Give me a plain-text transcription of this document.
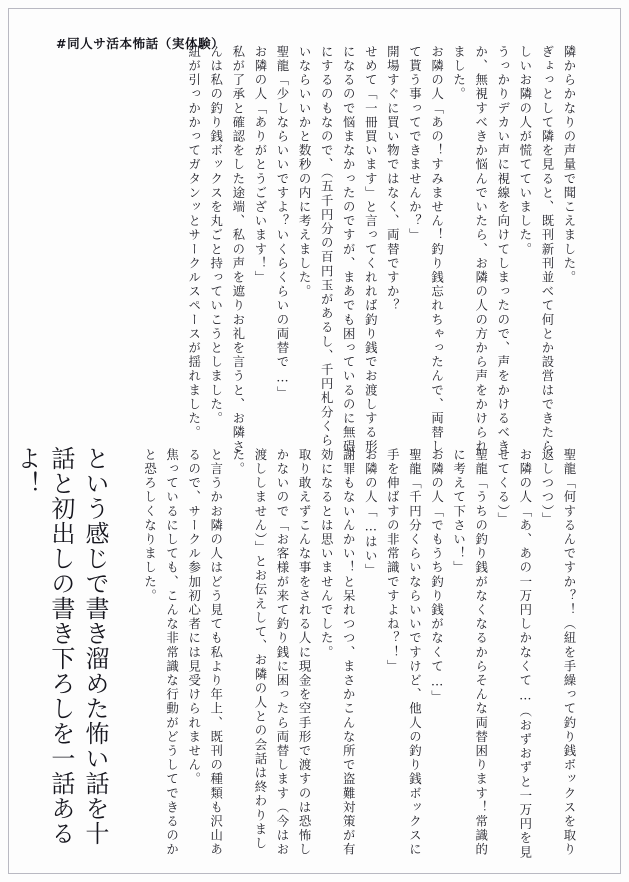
#同人サ活本怖話（実体験）

隣からかなりの声量で聞こえました。

ぎょっとして隣を見ると、既刊新刊並べて何とか設営はできたらしいお隣の人が慌てていました。

うっかりデカい声に視線を向けてしまったので、声をかけるべきか、無視すべきか悩んでいたら、お隣の人の方から声をかけられました。

お隣の人「あの！すみません！釣り銭忘れちゃったんで、両替して貰う事ってできませんか？」

開場すぐに買い物ではなく、両替ですか？

せめて「一冊買います」と言ってくれれば釣り銭でお渡しする形になるので悩まなかったのですが、まあでも困っているのに無碍にするのもなので、（五千円分の百円玉があるし、千円札分くらいならいいかと数秒の内に考えました。

聖龍「少しならいいですよ？いくらくらいの両替で…」

お隣の人「ありがとうございます！」

私が了承と確認をした途端、私の声を遮りお礼を言うと、お隣さんは私の釣り銭ボックスを丸ごと持っていこうとしました。

紐が引っかかってガタンッとサークルスペースが揺れました。

聖龍「何するんですか？！（紐を手繰って釣り銭ボックスを取り返しつつ）」

お隣の人「あ、あの一万円しかなくて…（おずおずと一万円を見せてくる）」

聖龍「うちの釣り銭がなくなるからそんな両替困ります！常識的に考えて下さい！」

お隣の人「でもうち釣り銭がなくて…」

聖龍「千円分くらいならいいですけど、他人の釣り銭ボックスに手を伸ばすの非常識ですよね？！」

お隣の人「…はい」

謝罪もないんかい！と呆れつつ、まさかこんな所で盗難対策が有効になるとは思いませんでした。

取り敢えずこんな事をされる人に現金を空手形で渡すのは恐怖しかないので「お客様が来て釣り銭に困ったら両替します（今はお渡ししません）」とお伝えして、お隣の人との会話は終わりました。

と言うかお隣の人はどう見ても私より年上、既刊の種類も沢山あるので、サークル参加初心者には見受けられません。

焦っているにしても、こんな非常識な行動がどうしてできるのかと恐ろしくなりました。

という感じで書き溜めた怖い話を十話と初出しの書き下ろしを一話あるよ！
